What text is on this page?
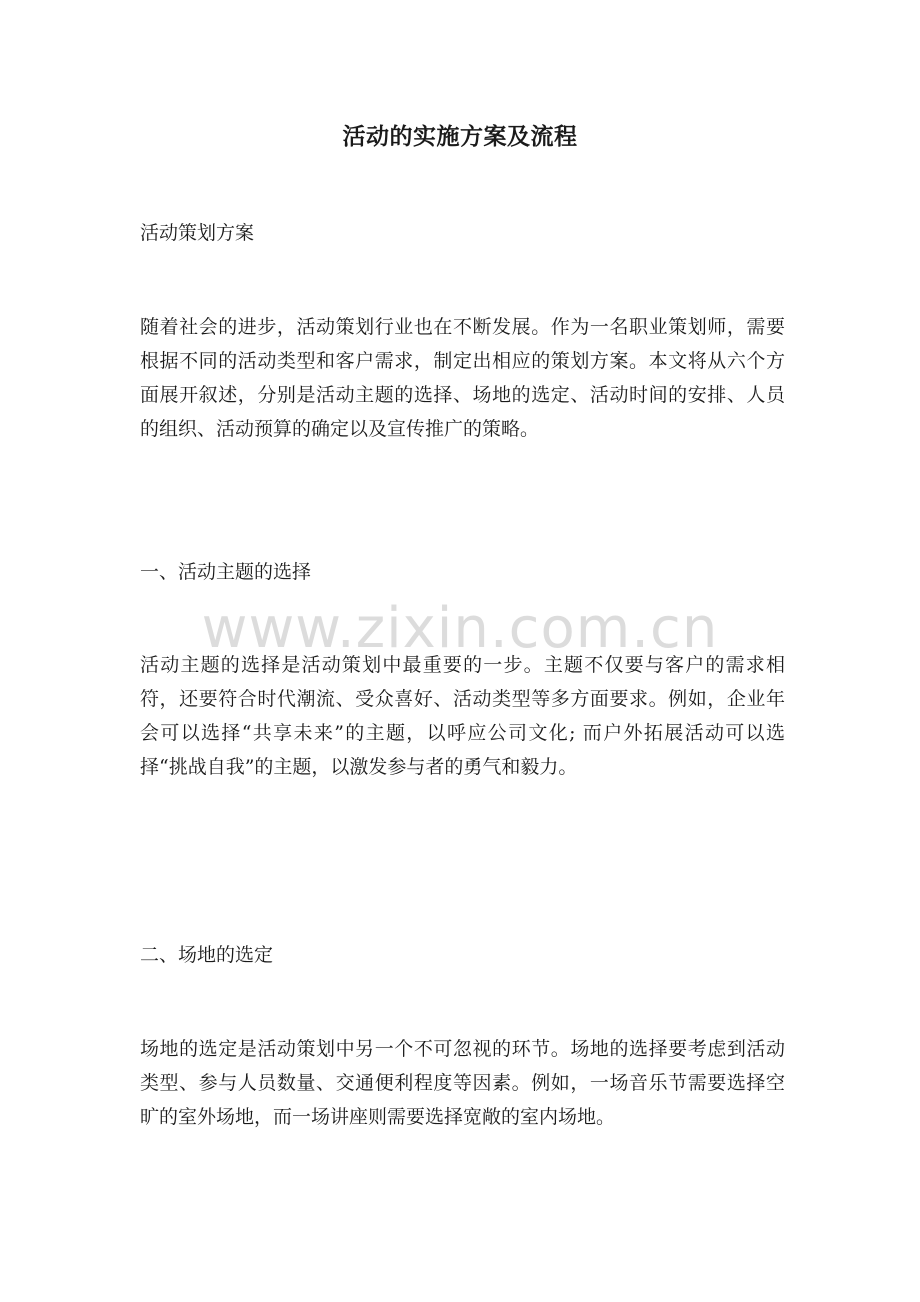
活动的实施方案及流程

活动策划方案

随着社会的进步，活动策划行业也在不断发展。作为一名职业策划师，需要根据不同的活动类型和客户需求，制定出相应的策划方案。本文将从六个方面展开叙述，分别是活动主题的选择、场地的选定、活动时间的安排、人员的组织、活动预算的确定以及宣传推广的策略。

一、活动主题的选择

活动主题的选择是活动策划中最重要的一步。主题不仅要与客户的需求相符，还要符合时代潮流、受众喜好、活动类型等多方面要求。例如，企业年会可以选择“共享未来”的主题，以呼应公司文化; 而户外拓展活动可以选择“挑战自我”的主题，以激发参与者的勇气和毅力。

二、场地的选定

场地的选定是活动策划中另一个不可忽视的环节。场地的选择要考虑到活动类型、参与人员数量、交通便利程度等因素。例如，一场音乐节需要选择空旷的室外场地，而一场讲座则需要选择宽敞的室内场地。

www.zixin.com.cn
